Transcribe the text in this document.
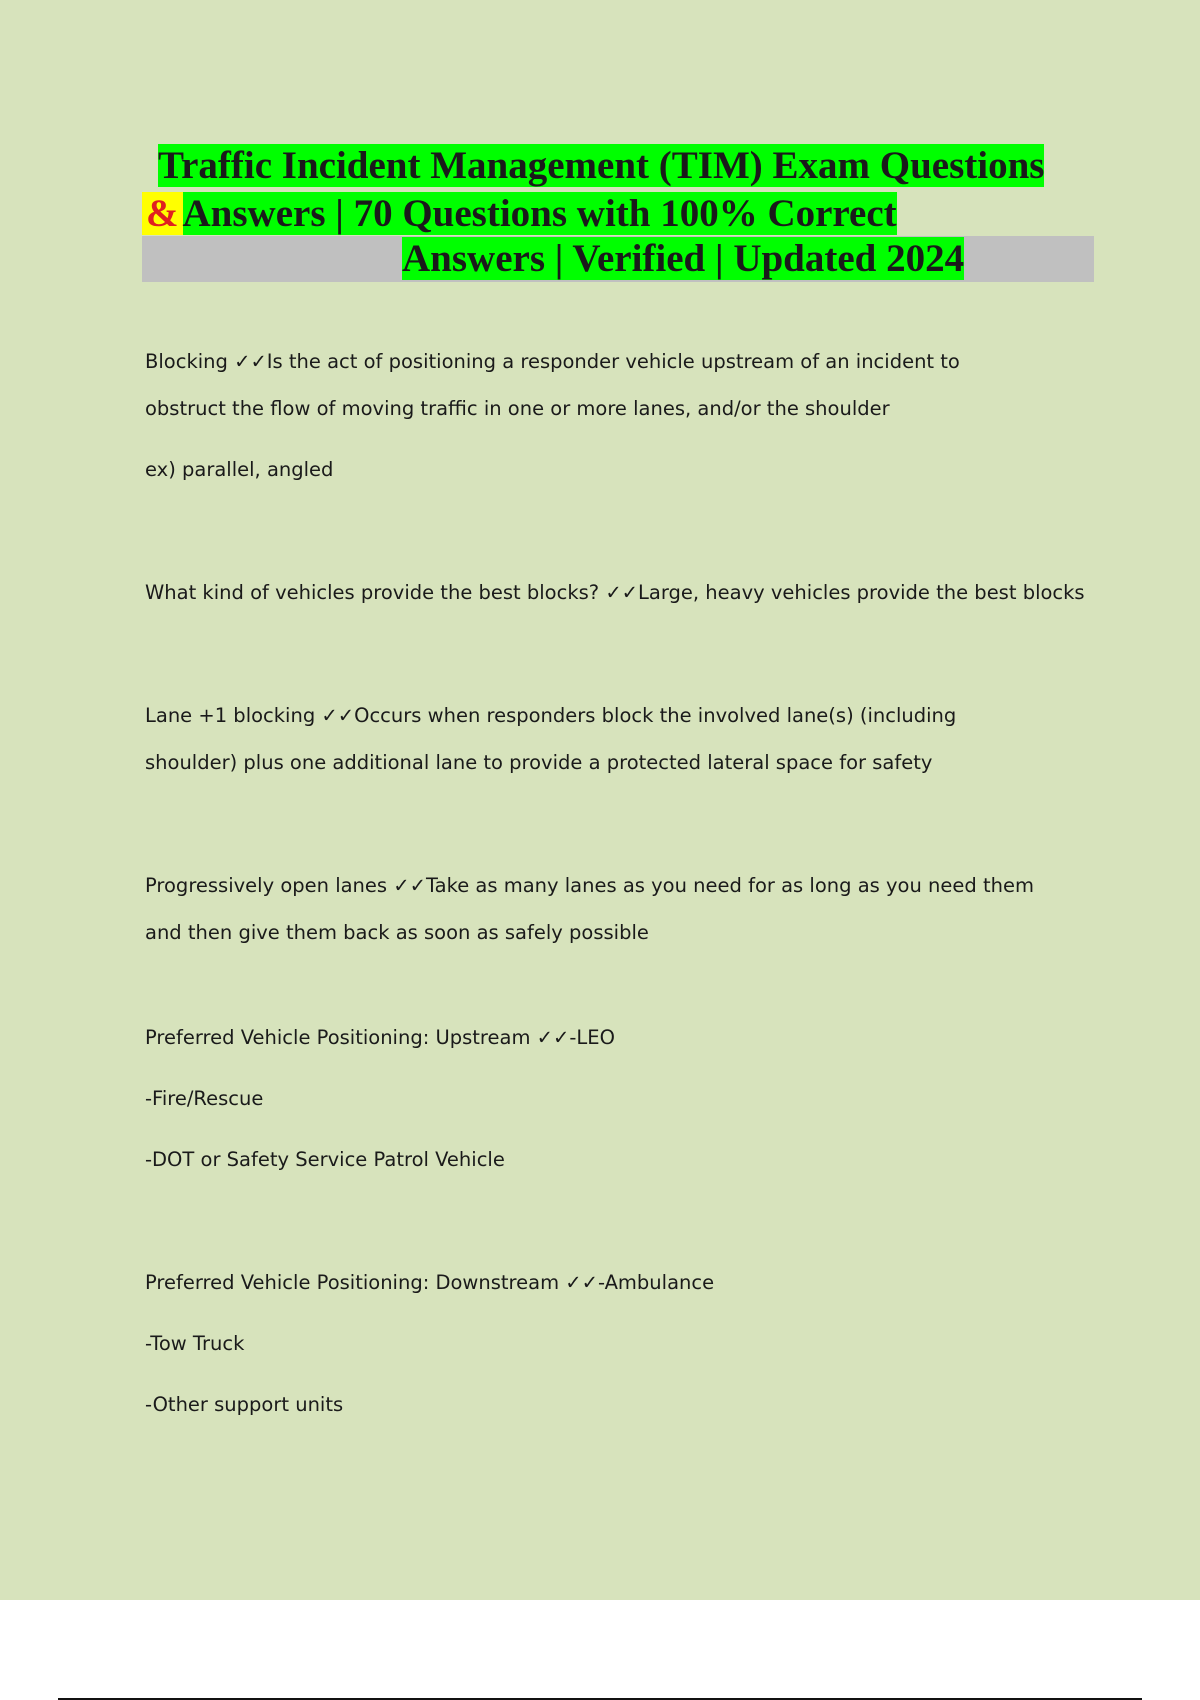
Traffic Incident Management (TIM) Exam Questions
& Answers | 70 Questions with 100% Correct
Answers | Verified | Updated 2024

Blocking ✓✓Is the act of positioning a responder vehicle upstream of an incident to

obstruct the flow of moving traffic in one or more lanes, and/or the shoulder

ex) parallel, angled

What kind of vehicles provide the best blocks? ✓✓Large, heavy vehicles provide the best blocks

Lane +1 blocking ✓✓Occurs when responders block the involved lane(s) (including

shoulder) plus one additional lane to provide a protected lateral space for safety

Progressively open lanes ✓✓Take as many lanes as you need for as long as you need them

and then give them back as soon as safely possible

Preferred Vehicle Positioning: Upstream ✓✓-LEO

-Fire/Rescue

-DOT or Safety Service Patrol Vehicle

Preferred Vehicle Positioning: Downstream ✓✓-Ambulance

-Tow Truck

-Other support units
